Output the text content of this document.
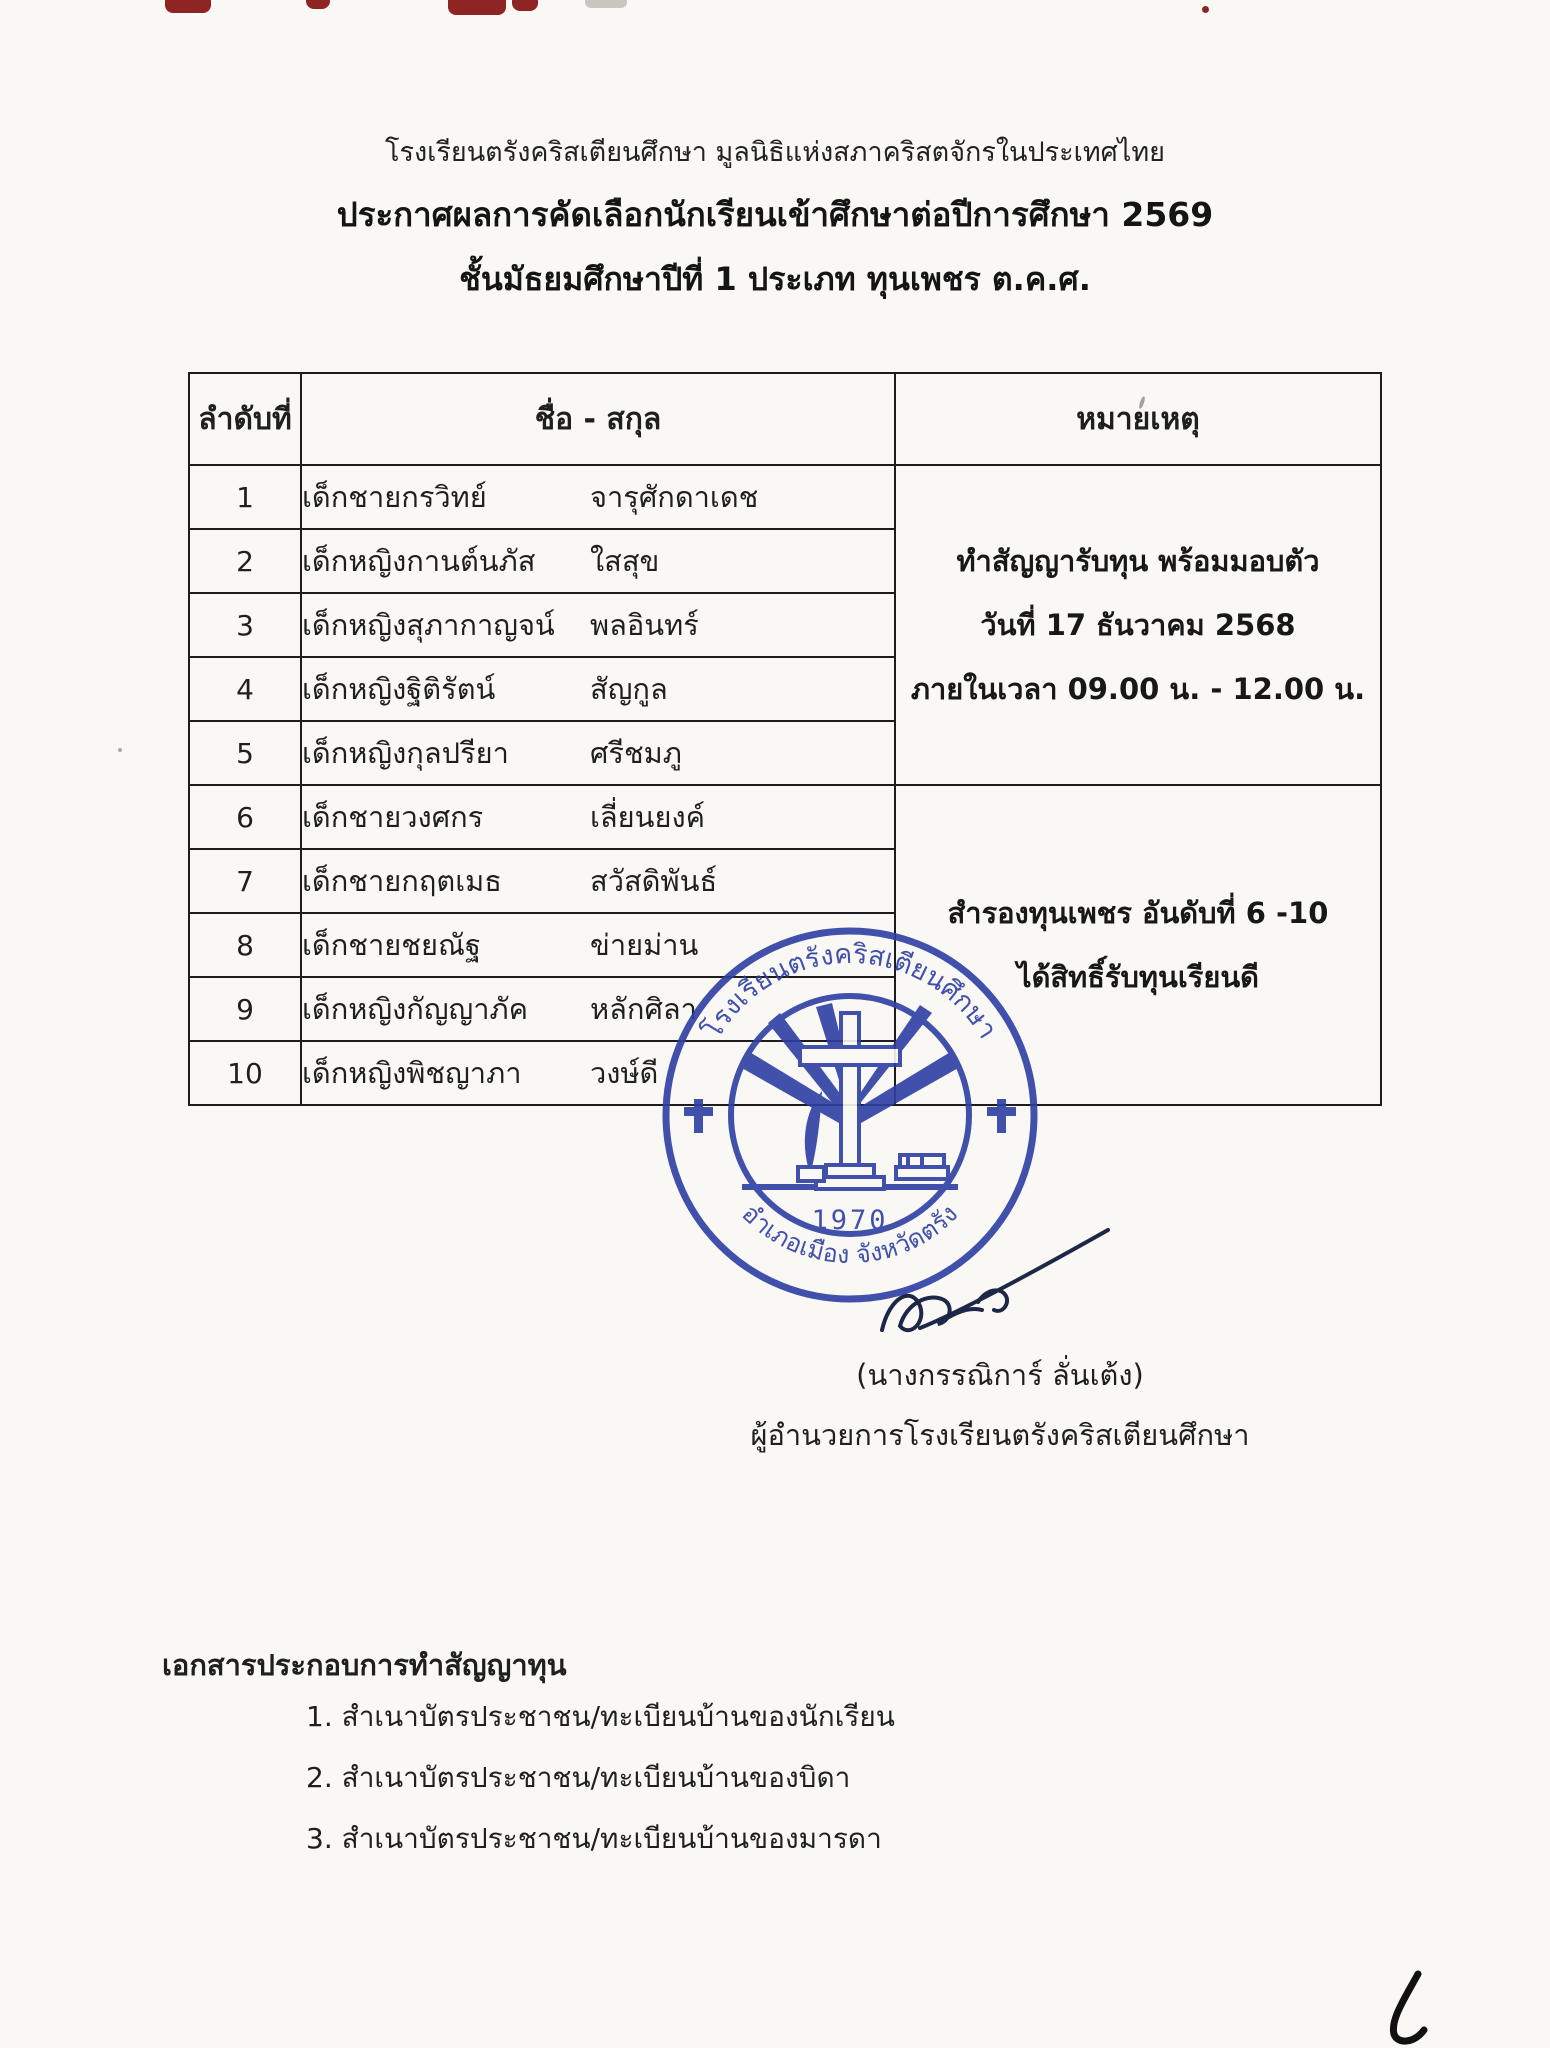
โรงเรียนตรังคริสเตียนศึกษา มูลนิธิแห่งสภาคริสตจักรในประเทศไทย
ประกาศผลการคัดเลือกนักเรียนเข้าศึกษาต่อปีการศึกษา 2569
ชั้นมัธยมศึกษาปีที่ 1 ประเภท ทุนเพชร ต.ค.ศ.
ลำดับที่	ชื่อ - สกุล	หมายเหตุ
1	เด็กชายกรวิทย์ จารุศักดาเดช	ทำสัญญารับทุน พร้อมมอบตัว
วันที่ 17 ธันวาคม 2568
ภายในเวลา 09.00 น. - 12.00 น.

2	เด็กหญิงกานต์นภัส ใสสุข	
3	เด็กหญิงสุภากาญจน์ พลอินทร์	
4	เด็กหญิงฐิติรัตน์ สัญกูล	
5	เด็กหญิงกุลปรียา ศรีชมภู	
6	เด็กชายวงศกร เลี่ยนยงค์	สำรองทุนเพชร อันดับที่ 6 -10
ได้สิทธิ์รับทุนเรียนดี

7	เด็กชายกฤตเมธ สวัสดิพันธ์	
8	เด็กชายชยณัฐ ข่ายม่าน	
9	เด็กหญิงกัญญาภัค หลักศิลา	
10	เด็กหญิงพิชญาภา วงษ์ดี	
โรงเรียนตรังคริสเตียนศึกษา
อำเภอเมือง จังหวัดตรัง
1970
(นางกรรณิการ์ ลั่นเต้ง)
ผู้อำนวยการโรงเรียนตรังคริสเตียนศึกษา
เอกสารประกอบการทำสัญญาทุน
1. สำเนาบัตรประชาชน/ทะเบียนบ้านของนักเรียน
2. สำเนาบัตรประชาชน/ทะเบียนบ้านของบิดา
3. สำเนาบัตรประชาชน/ทะเบียนบ้านของมารดา
